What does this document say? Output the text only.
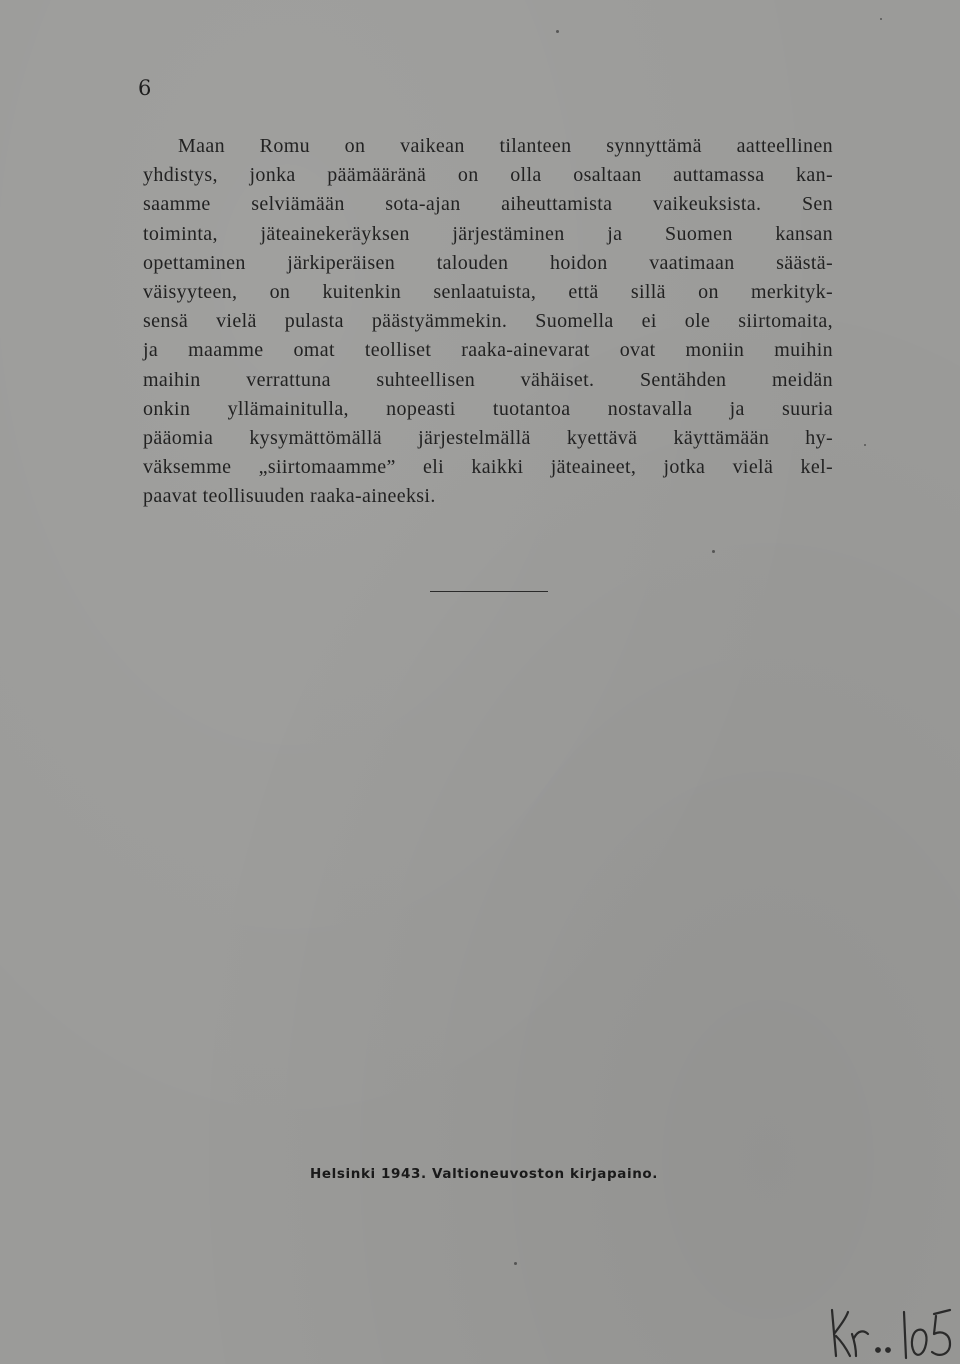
6
Maan Romu on vaikean tilanteen synnyttämä aatteellinen
yhdistys, jonka päämääränä on olla osaltaan auttamassa kan-
saamme selviämään sota-ajan aiheuttamista vaikeuksista. Sen
toiminta, jäteainekeräyksen järjestäminen ja Suomen kansan
opettaminen järkiperäisen talouden hoidon vaatimaan säästä-
väisyyteen, on kuitenkin senlaatuista, että sillä on merkityk-
sensä vielä pulasta päästyämmekin. Suomella ei ole siirtomaita,
ja maamme omat teolliset raaka-ainevarat ovat moniin muihin
maihin verrattuna suhteellisen vähäiset. Sentähden meidän
onkin yllämainitulla, nopeasti tuotantoa nostavalla ja suuria
pääomia kysymättömällä järjestelmällä kyettävä käyttämään hy-
väksemme „siirtomaamme” eli kaikki jäteaineet, jotka vielä kel-
paavat teollisuuden raaka-aineeksi.
Helsinki 1943. Valtioneuvoston kirjapaino.
